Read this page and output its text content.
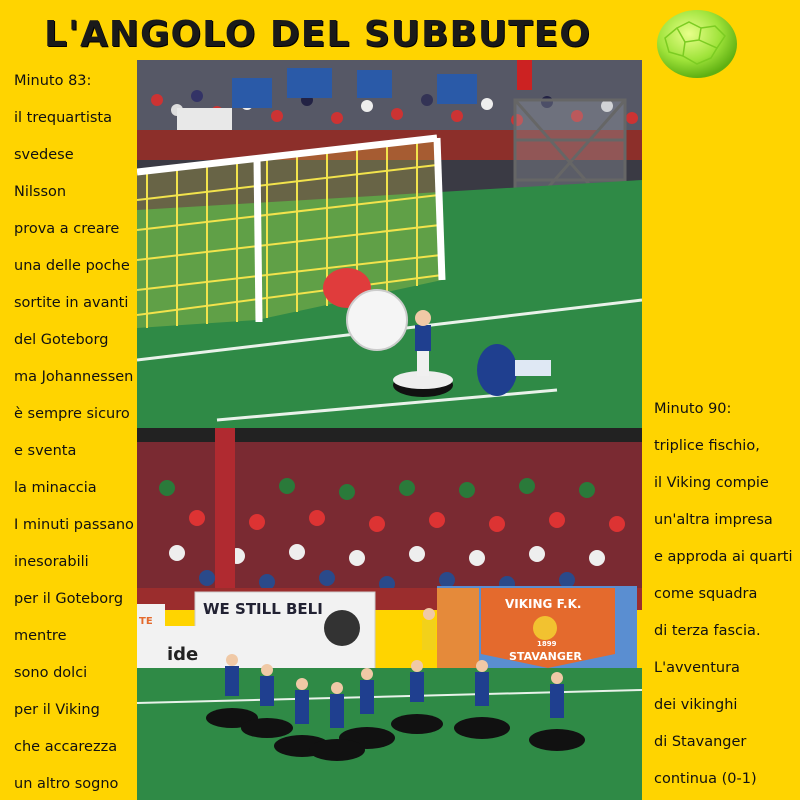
L'ANGOLO DEL SUBBUTEO
Minuto 83:
il trequartista
svedese
Nilsson
prova a creare
una delle poche
sortite in avanti
del Goteborg
ma Johannessen
è sempre sicuro
e sventa
la minaccia
I minuti passano
inesorabili
per il Goteborg
mentre
sono dolci
per il Viking
che accarezza
un altro sogno
Minuto 90:
triplice fischio,
il Viking compie
un'altra impresa
e approda ai quarti
come squadra
di terza fascia.
L'avventura
dei vikinghi
di Stavanger
continua (0-1)
WE STILL BELI	VIKING F.K.
1899
STAVANGER
TE
ide
